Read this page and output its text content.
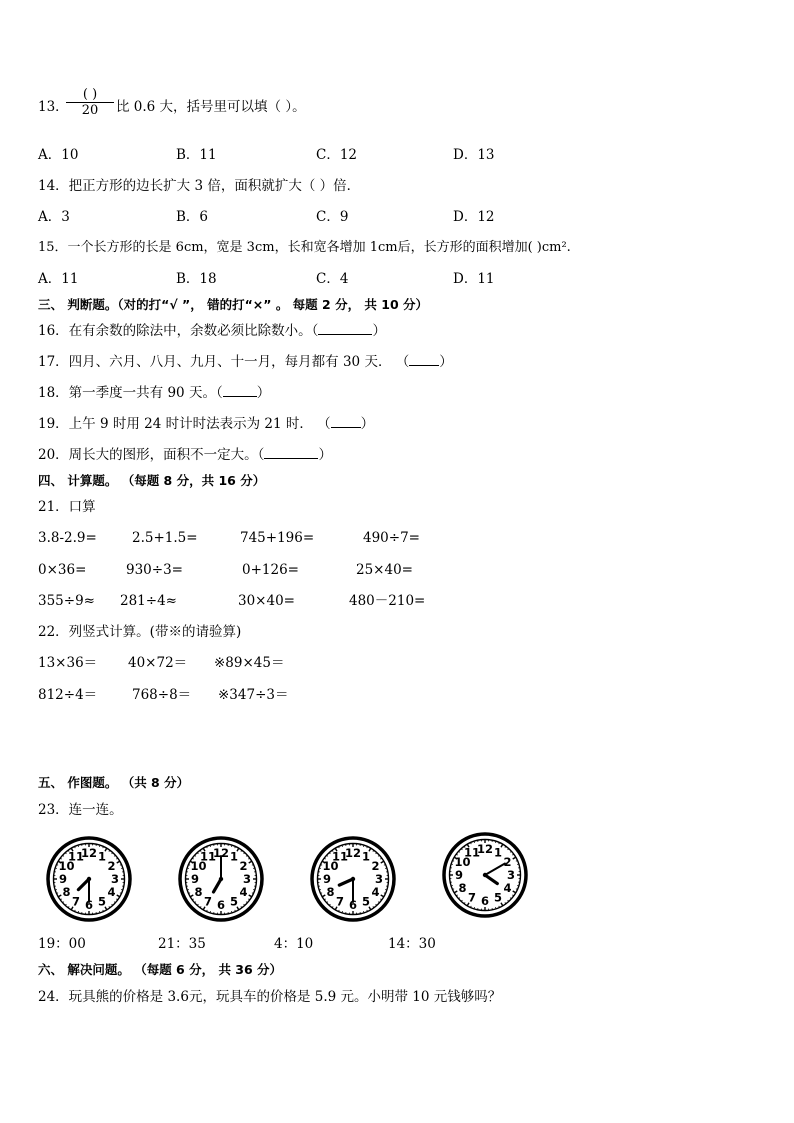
13．
( )
20	比 0.6 大，括号里可以填（ ）。
A．10	B．11	C．12	D．13
14．把正方形的边长扩大 3 倍，面积就扩大（ ）倍．
A．3	B．6	C．9	D．12
15．一个长方形的长是 6cm，宽是 3cm，长和宽各增加 1cm后，长方形的面积增加( )cm².
A．11	B．18	C．4	D．11
三、 判断题。（对的打“√ ”， 错的打“×” 。 每题 2 分， 共 10 分）
16．在有余数的除法中，余数必须比除数小。（	）
17．四月、六月、八月、九月、十一月，每月都有 30 天． （ ）
18．第一季度一共有 90 天。（	）
19．上午 9 时用 24 时计时法表示为 21 时． （ ）
20．周长大的图形，面积不一定大。（	）
四、 计算题。 （每题 8 分，共 16 分）
21．口算
3.8-2.9=	2.5+1.5=	745+196=	490÷7=
0×36=	930÷3=	0+126=	25×40=
355÷9≈ 281÷4≈	30×40=	480－210=
22．列竖式计算。(带※的请验算)
13×36＝ 40×72＝ ※89×45＝
812÷4＝	768÷8＝ ※347÷3＝
五、 作图题。 （共 8 分）
23．连一连。
12 1
2
3
4
5
6
7
8
9
10
11	12 1
2
3
4
5
6
7
8
9
10
11	12 1
2
3
4
5
6
7
8
9
10
11
12 1
2
3
4
5
6
7
8
9
10
11
19：00	21：35	4：10	14：30
六、 解决问题。 （每题 6 分， 共 36 分）
24．玩具熊的价格是 3.6元，玩具车的价格是 5.9 元。小明带 10 元钱够吗？
